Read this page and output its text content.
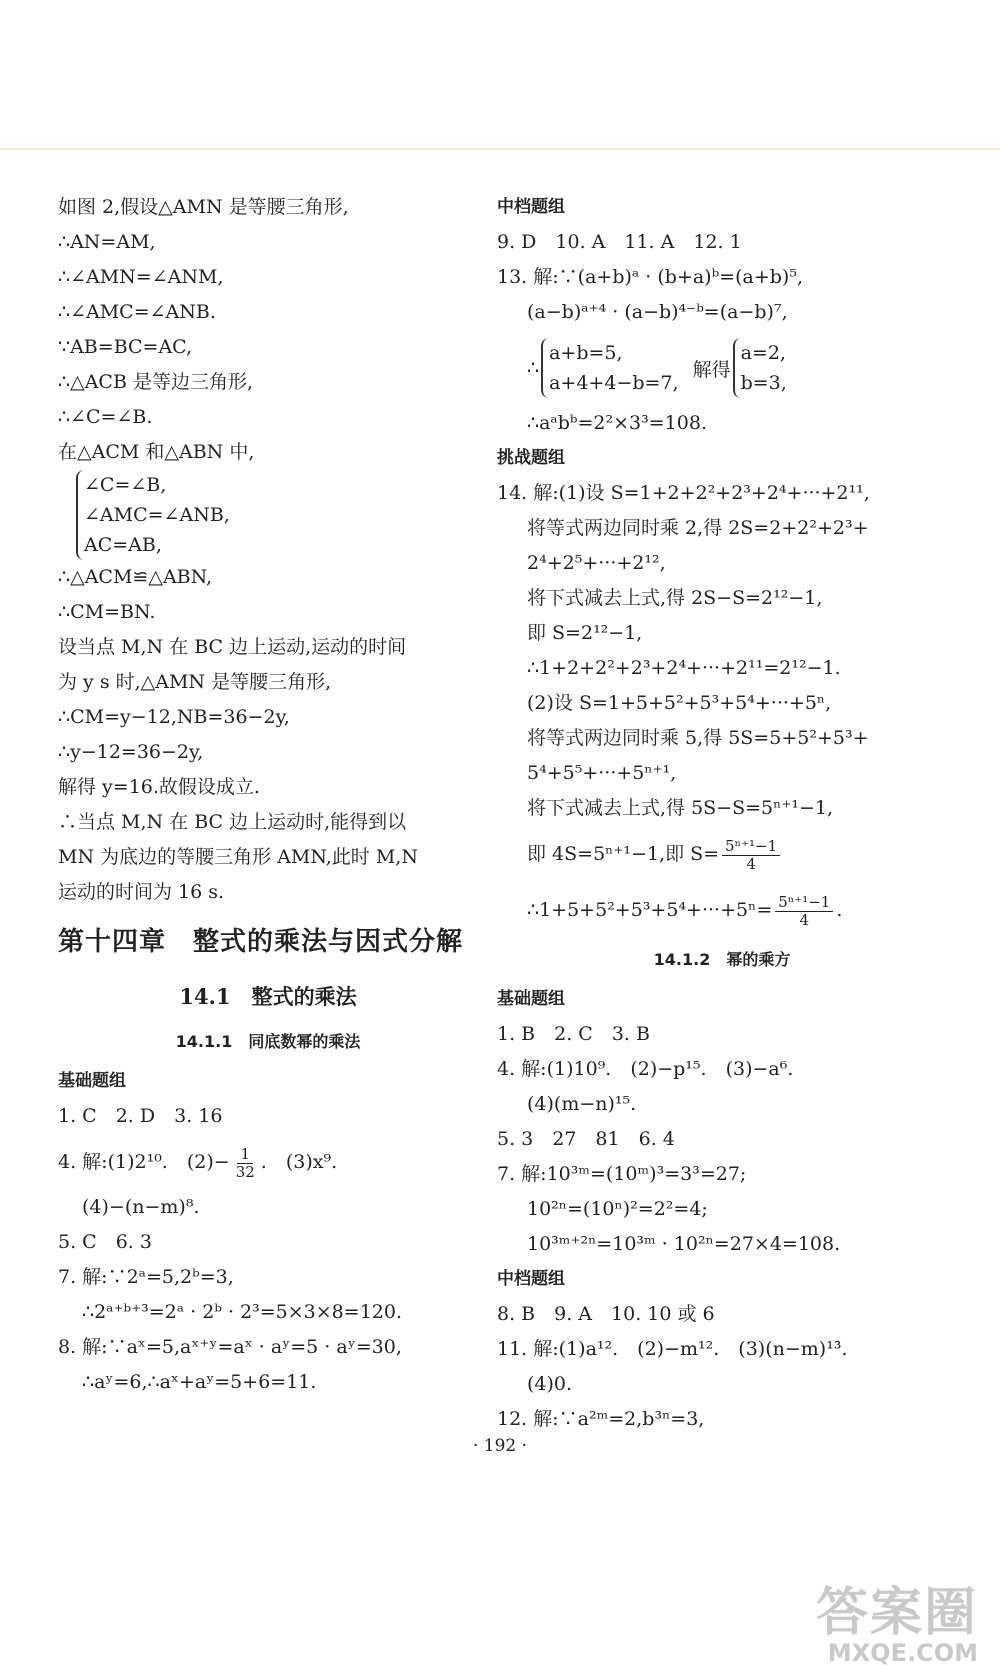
如图 2,假设△AMN 是等腰三角形,
∴AN=AM,
∴∠AMN=∠ANM,
∴∠AMC=∠ANB.
∵AB=BC=AC,
∴△ACB 是等边三角形,
∴∠C=∠B.
在△ACM 和△ABN 中,
∠C=∠B,
∠AMC=∠ANB,
AC=AB,
∴△ACM≌△ABN,
∴CM=BN.
设当点 M,N 在 BC 边上运动,运动的时间
为 y s 时,△AMN 是等腰三角形,
∴CM=y−12,NB=36−2y,
∴y−12=36−2y,
解得 y=16.故假设成立.
∴当点 M,N 在 BC 边上运动时,能得到以
MN 为底边的等腰三角形 AMN,此时 M,N
运动的时间为 16 s.
第十四章　整式的乘法与因式分解
14.1　整式的乘法
14.1.1　同底数幂的乘法
基础题组
1. C　2. D　3. 16
4. 解:(1)2¹⁰.　$(2)- \frac{1}{32}$ .　(3)x⁹.
(4)−(n−m)⁸.
5. C　6. 3
7. 解:∵2ᵃ=5,2ᵇ=3,
∴2ᵃ⁺ᵇ⁺³=2ᵃ · 2ᵇ · 2³=5×3×8=120.
8. 解:∵aˣ=5,aˣ⁺ʸ=aˣ · aʸ=5 · aʸ=30,
∴aʸ=6,∴aˣ+aʸ=5+6=11.
中档题组
9. D　10. A　11. A　12. 1
13. 解:∵(a+b)ᵃ · (b+a)ᵇ=(a+b)⁵,
(a−b)ᵃ⁺⁴ · (a−b)⁴⁻ᵇ=(a−b)⁷,
∴
a+b=5,
a+4+4−b=7,
解得
a=2,
b=3,
∴aᵃbᵇ=2²×3³=108.
挑战题组
14. 解:(1)设 S=1+2+2²+2³+2⁴+···+2¹¹,
将等式两边同时乘 2,得 2S=2+2²+2³+
2⁴+2⁵+···+2¹²,
将下式减去上式,得 2S−S=2¹²−1,
即 S=2¹²−1,
∴1+2+2²+2³+2⁴+···+2¹¹=2¹²−1.
(2)设 S=1+5+5²+5³+5⁴+···+5ⁿ,
将等式两边同时乘 5,得 5S=5+5²+5³+
5⁴+5⁵+···+5ⁿ⁺¹,
将下式减去上式,得 5S−S=5ⁿ⁺¹−1,
即 4S=5ⁿ⁺¹−1,即 $S= \frac{\text{5ⁿ⁺¹−1}}{4}$
∴1+5+5²+5³+5⁴+···+5ⁿ= $\frac{\text{5ⁿ⁺¹−1}}{4}$ .
14.1.2　幂的乘方
基础题组
1. B　2. C　3. B
4. 解:(1)10⁹.　(2)−p¹⁵.　(3)−a⁶.
(4)(m−n)¹⁵.
5. 3　27　81　6. 4
7. 解:10³ᵐ=(10ᵐ)³=3³=27;
10²ⁿ=(10ⁿ)²=2²=4;
10³ᵐ⁺²ⁿ=10³ᵐ · 10²ⁿ=27×4=108.
中档题组
8. B　9. A　10. 10 或 6
11. 解:(1)a¹².　(2)−m¹².　(3)(n−m)¹³.
(4)0.
12. 解:∵a²ᵐ=2,b³ⁿ=3,
· 192 ·
答案圈
MXQE.COM
